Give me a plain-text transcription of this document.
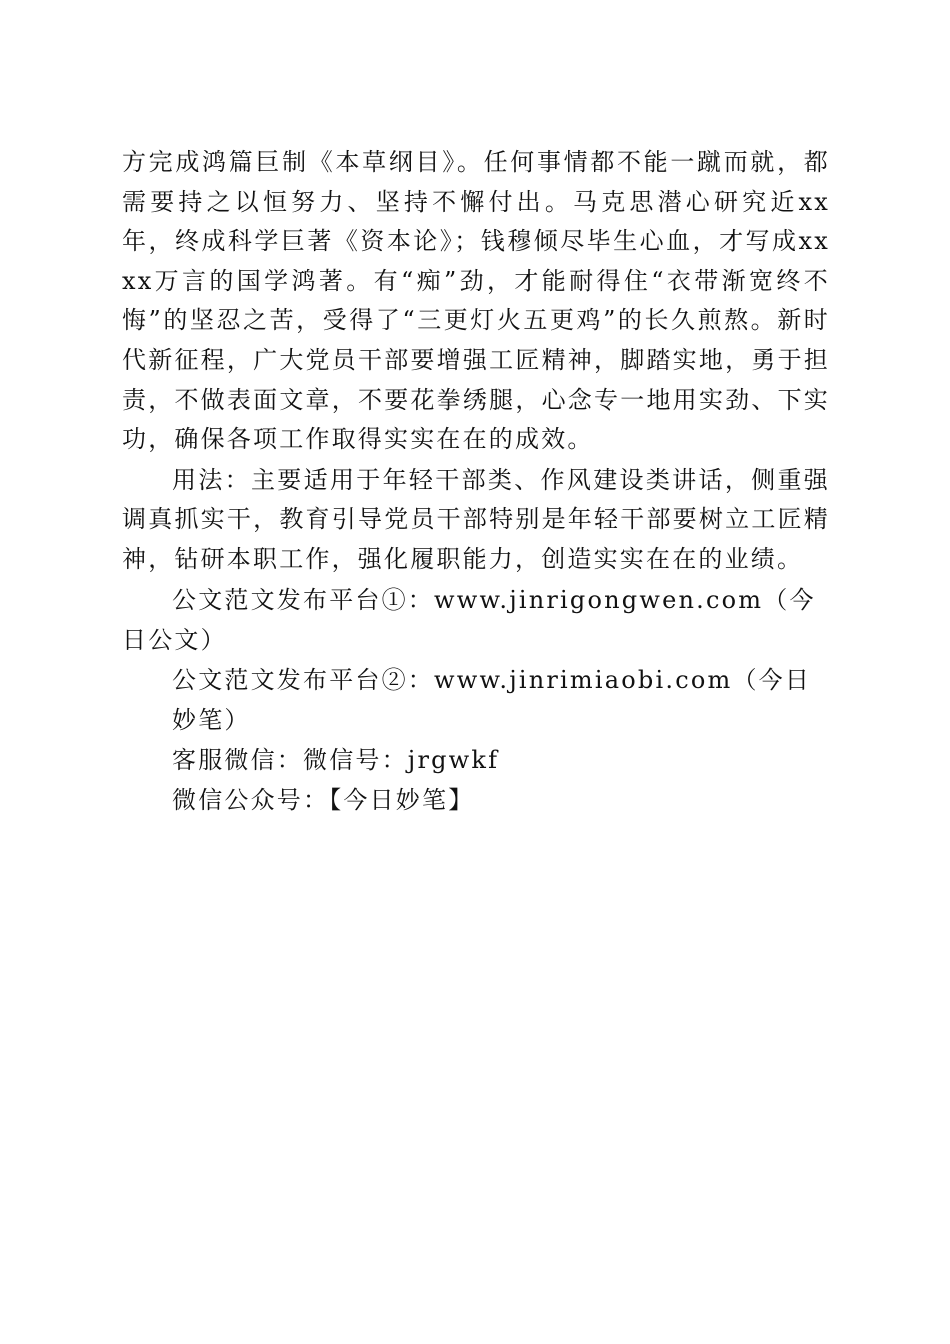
方完成鸿篇巨制《本草纲目》。任何事情都不能一蹴而就，都需要持之以恒努力、坚持不懈付出。马克思潜心研究近xx年，终成科学巨著《资本论》；钱穆倾尽毕生心血，才写成xxxx万言的国学鸿著。有“痴”劲，才能耐得住“衣带渐宽终不悔”的坚忍之苦，受得了“三更灯火五更鸡”的长久煎熬。新时代新征程，广大党员干部要增强工匠精神，脚踏实地，勇于担责，不做表面文章，不要花拳绣腿，心念专一地用实劲、下实功，确保各项工作取得实实在在的成效。

用法：主要适用于年轻干部类、作风建设类讲话，侧重强调真抓实干，教育引导党员干部特别是年轻干部要树立工匠精神，钻研本职工作，强化履职能力，创造实实在在的业绩。

公文范文发布平台①：www.jinrigongwen.com（今日公文）

公文范文发布平台②：www.jinrimiaobi.com（今日妙笔）

客服微信：微信号：jrgwkf

微信公众号：【今日妙笔】
